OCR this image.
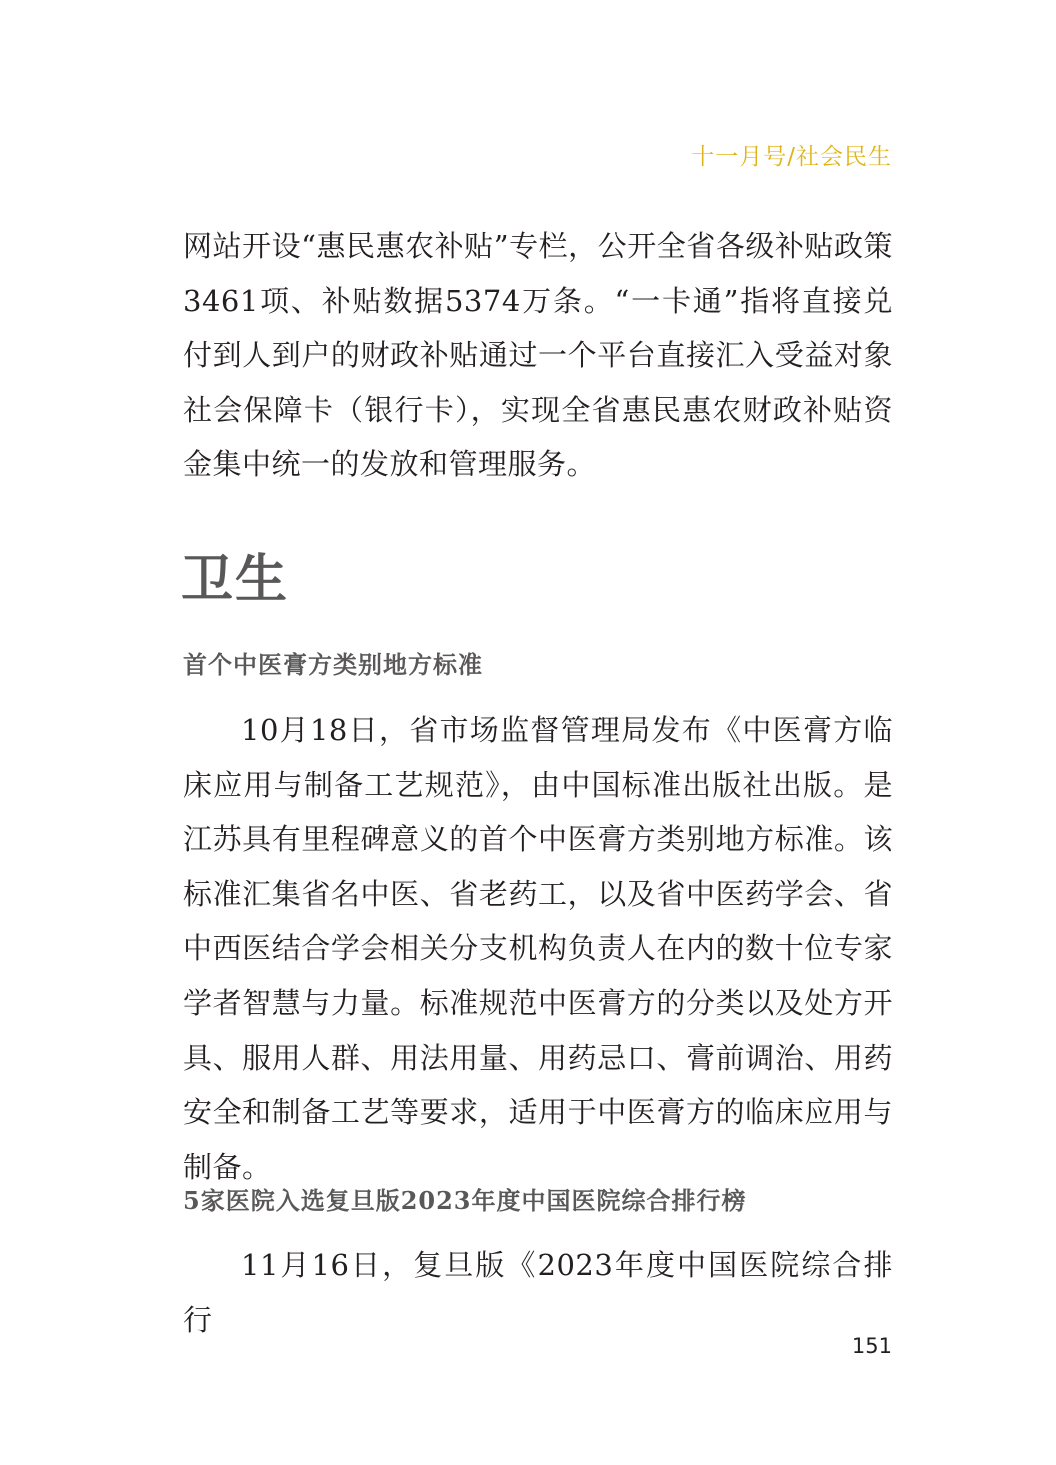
十一月号/社会民生

网站开设“惠民惠农补贴”专栏，公开全省各级补贴政策3461项、补贴数据5374万条。“一卡通”指将直接兑付到人到户的财政补贴通过一个平台直接汇入受益对象社会保障卡（银行卡），实现全省惠民惠农财政补贴资金集中统一的发放和管理服务。

卫生
首个中医膏方类别地方标准

10月18日，省市场监督管理局发布《中医膏方临床应用与制备工艺规范》，由中国标准出版社出版。是江苏具有里程碑意义的首个中医膏方类别地方标准。该标准汇集省名中医、省老药工，以及省中医药学会、省中西医结合学会相关分支机构负责人在内的数十位专家学者智慧与力量。标准规范中医膏方的分类以及处方开具、服用人群、用法用量、用药忌口、膏前调治、用药安全和制备工艺等要求，适用于中医膏方的临床应用与制备。

5家医院入选复旦版2023年度中国医院综合排行榜

11月16日，复旦版《2023年度中国医院综合排行

151
